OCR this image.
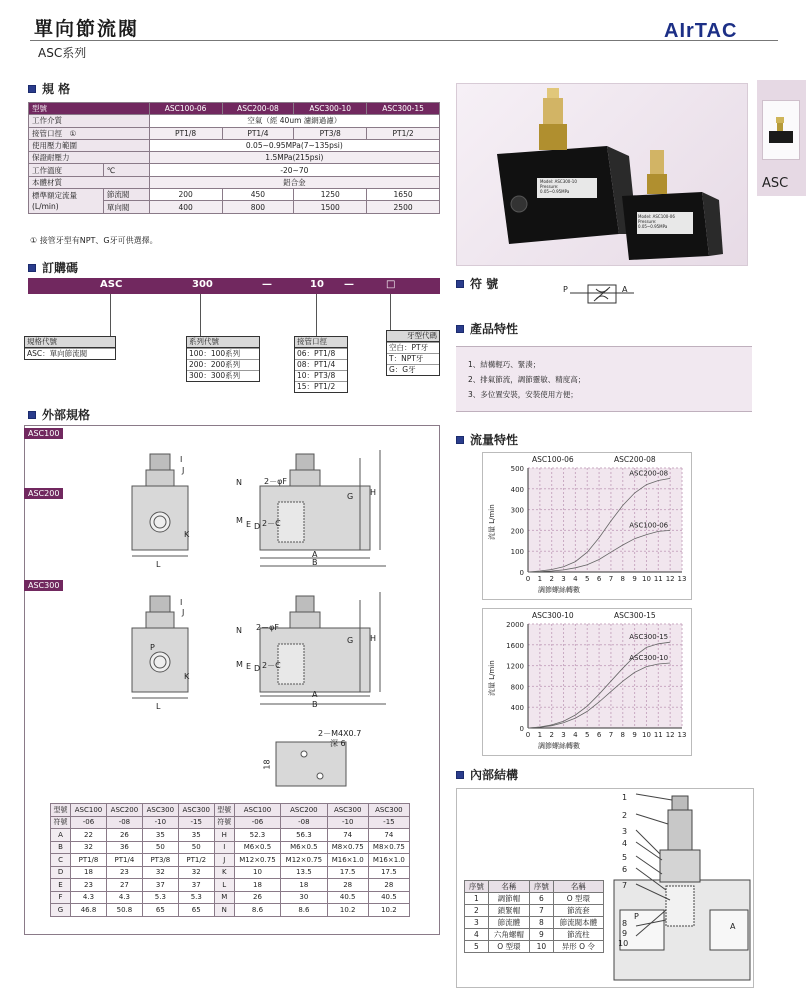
單向節流閥
ASC系列
AIrTAC
ASC
規 格
型號		ASC100-06	ASC200-08	ASC300-10	ASC300-15
工作介質		空氣（經 40um 濾網過濾）			
接管口徑　①		PT1/8	PT1/4	PT3/8	PT1/2
使用壓力範圍		0.05~0.95MPa(7~135psi)			
保證耐壓力		1.5MPa(215psi)			
工作溫度	℃	-20~70			
本體材質		鋁合金			
標準額定流量
(L/min)	節流閥	200	450	1250	1650
	單向閥	400	800	1500	2500
① 接管牙型有NPT、G牙可供選擇。
訂購碼
ASC	300	—	10 —	□
規格代號
ASC：單向節流閥
系列代號
100：100系列
200：200系列
300：300系列
接管口徑
06：PT1/8
08：PT1/4
10：PT3/8
15：PT1/2
牙型代碼
空白：PT牙
T：NPT牙
G：G牙
外部規格
ASC100
ASC200
ASC300
I
J
K
L
N	2－φF
M E D 2－C
A
B
G H
I
J
P
K
L
N 2－φF
M E D 2－C
A
B
G H
2－M4X0.7
深 6
18
型號	ASC100	ASC200	ASC300	ASC300	型號	ASC100	ASC200	ASC300	ASC300
符號	-06	-08	-10	-15	符號	-06	-08	-10	-15
A	22	26	35	35	H	52.3	56.3	74	74
B	32	36	50	50	I	M6×0.5	M6×0.5	M8×0.75	M8×0.75
C	PT1/8	PT1/4	PT3/8	PT1/2	J	M12×0.75	M12×0.75	M16×1.0	M16×1.0
D	18	23	32	32	K	10	13.5	17.5	17.5
E	23	27	37	37	L	18	18	28	28
F	4.3	4.3	5.3	5.3	M	26	30	40.5	40.5
G	46.8	50.8	65	65	N	8.6	8.6	10.2	10.2
Model: ASC300-10
Pressure:
0.05~0.95MPa
Model: ASC100-06
Pressure:
0.05~0.95MPa
符 號	P	A
產品特性
1、結構輕巧、緊湊；
2、排氣節流，調節靈敏、精度高；
3、多位置安裝，安裝使用方便；
流量特性
0
100
200
300
400
500
0 1 2 3 4 5 6 7 8 9 10 11 12 13
ASC200-08
ASC100-06
ASC100-06	ASC200-08
調節螺絲轉數
流量 L/min
0
400
800
1200
1600
2000
0 1 2 3 4 5 6 7 8 9 10 11 12 13
ASC300-15
ASC300-10
ASC300-10	ASC300-15
調節螺絲轉數
流量 L/min
內部結構
1
2
3
4
5
6
7
8
9
10
P
A
序號	名稱	序號	名稱
1	調節帽	6	O 型環
2	鎖緊帽	7	節流套
3	節流體	8	節流閥本體
4	六角螺帽	9	節流柱
5	O 型環	10	异形 O 令
